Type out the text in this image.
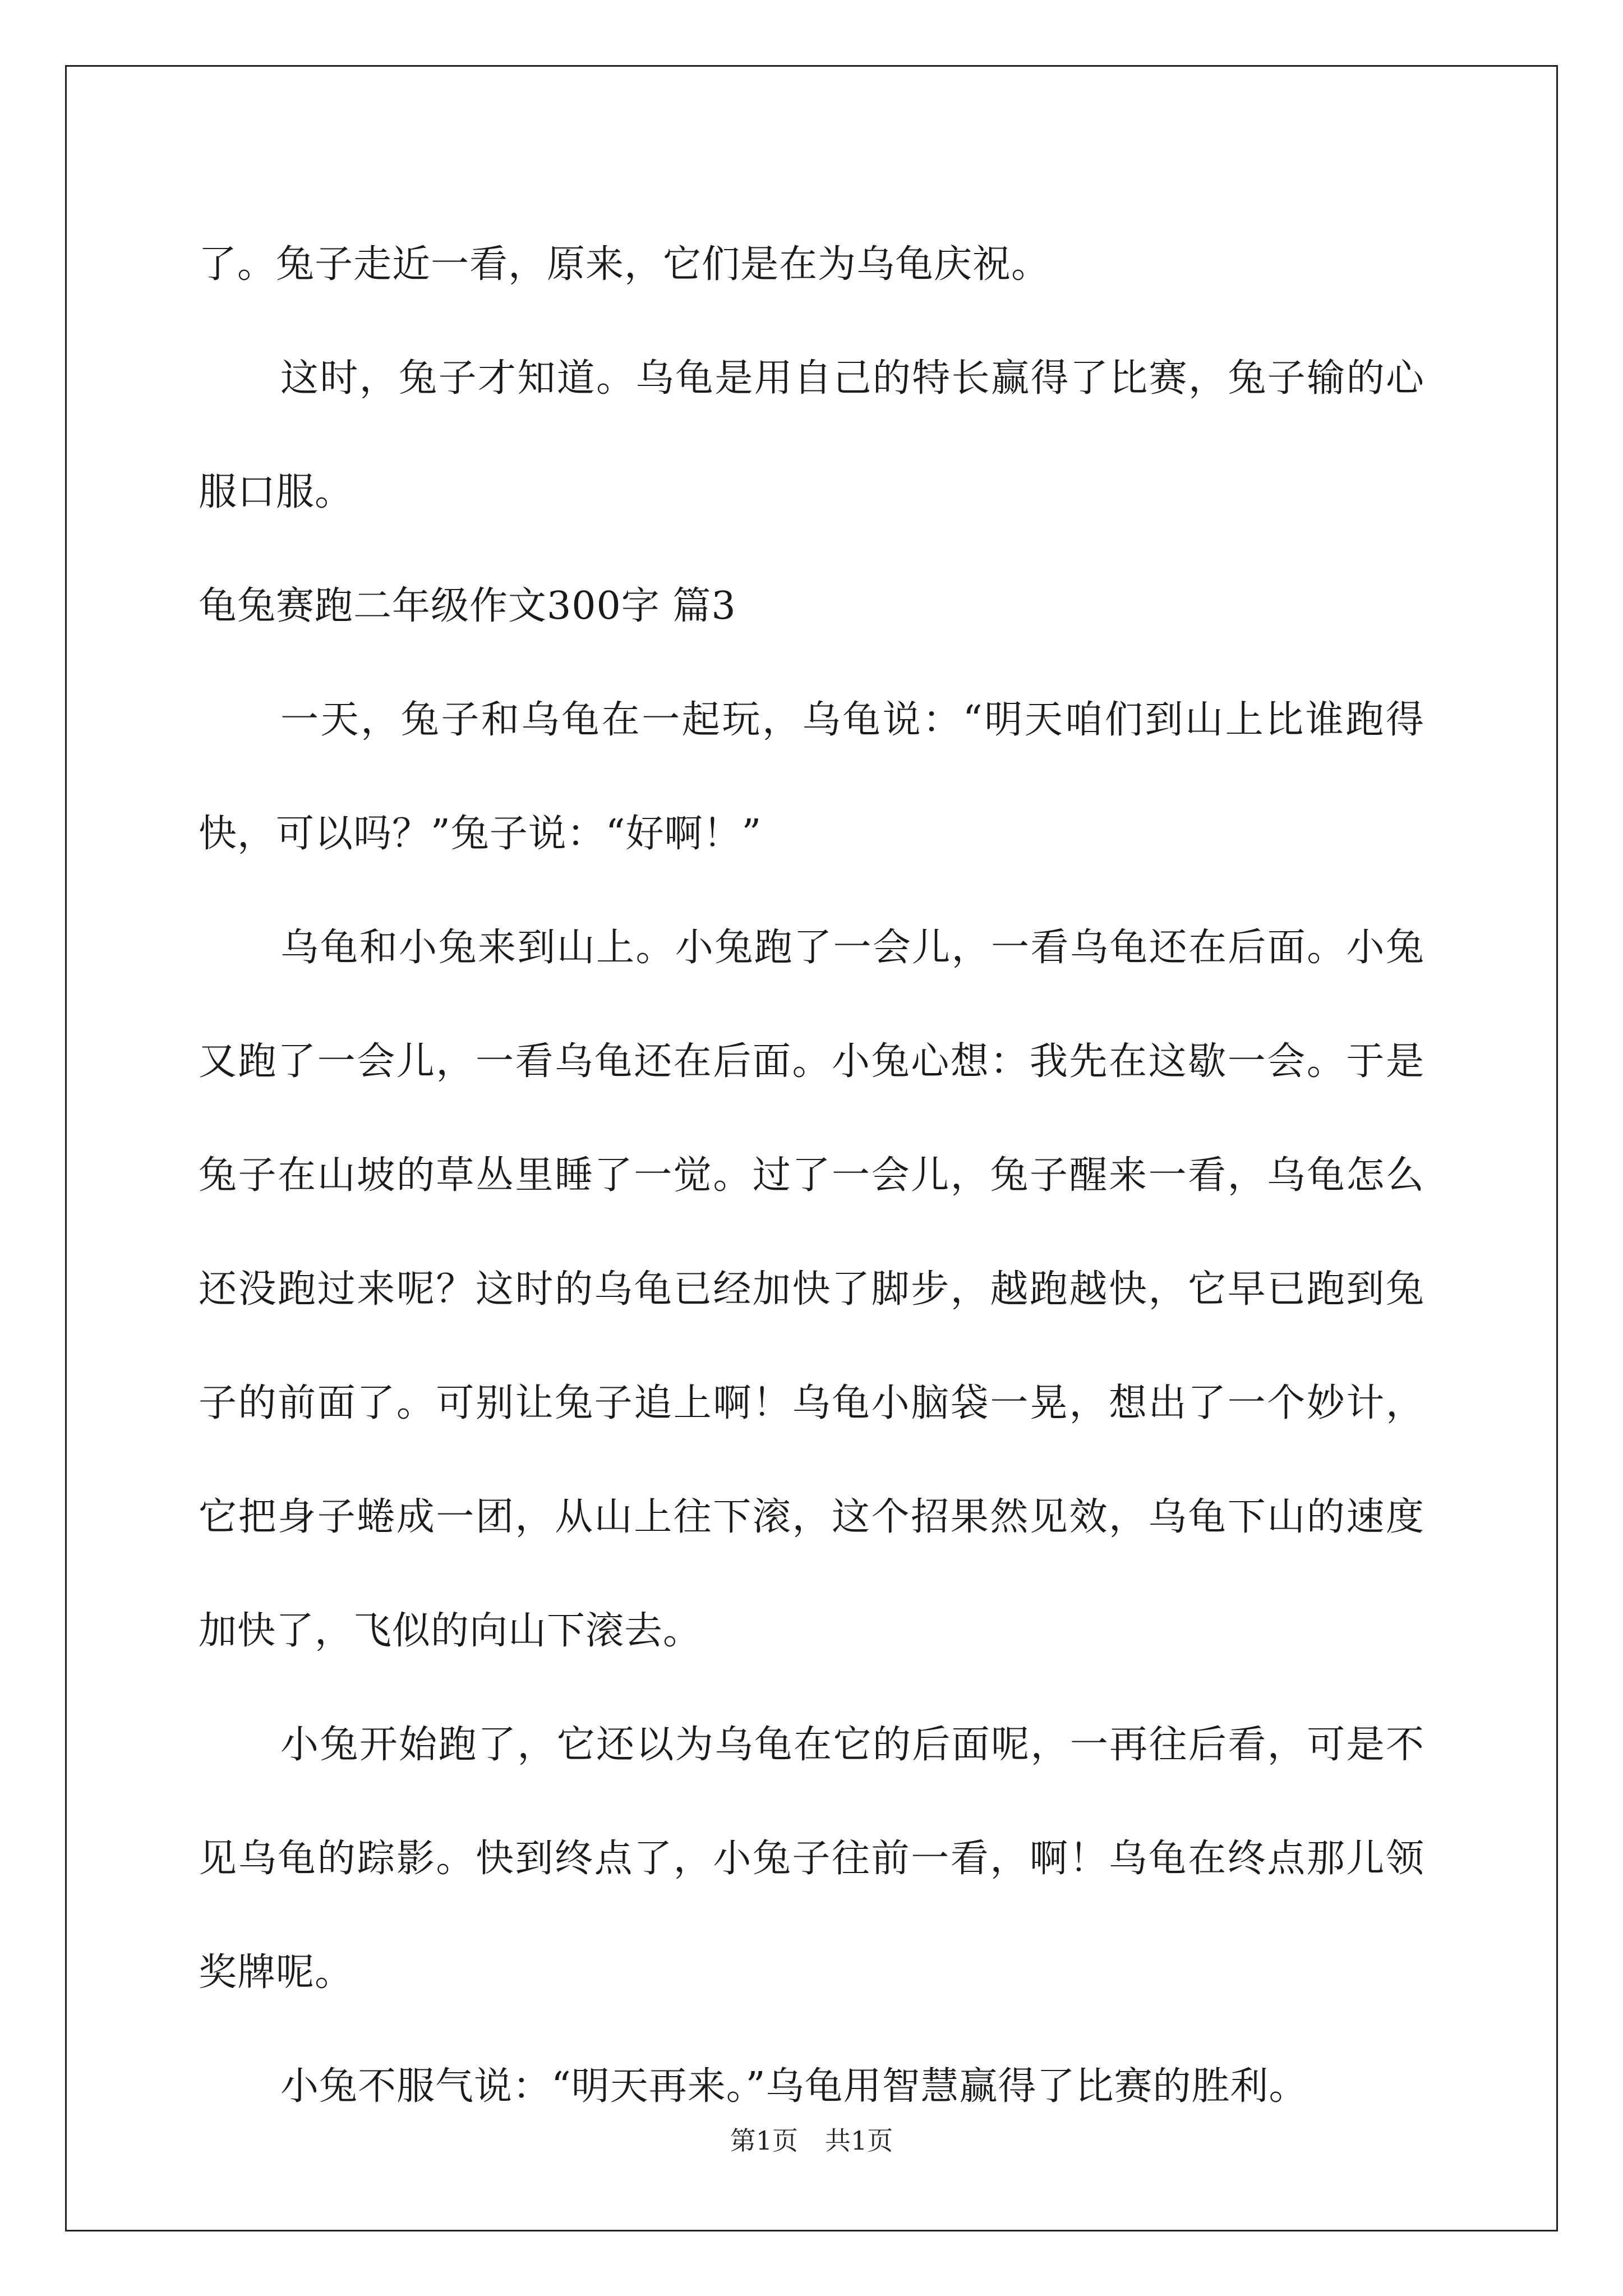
了。兔子走近一看，原来，它们是在为乌龟庆祝。

这时，兔子才知道。乌龟是用自己的特长赢得了比赛，兔子输的心服口服。

龟兔赛跑二年级作文300字 篇3

一天，兔子和乌龟在一起玩，乌龟说：“明天咱们到山上比谁跑得快，可以吗？”兔子说：“好啊！”

乌龟和小兔来到山上。小兔跑了一会儿，一看乌龟还在后面。小兔又跑了一会儿，一看乌龟还在后面。小兔心想：我先在这歇一会。于是兔子在山坡的草丛里睡了一觉。过了一会儿，兔子醒来一看，乌龟怎么还没跑过来呢？这时的乌龟已经加快了脚步，越跑越快，它早已跑到兔子的前面了。可别让兔子追上啊！乌龟小脑袋一晃，想出了一个妙计，它把身子蜷成一团，从山上往下滚，这个招果然见效，乌龟下山的速度加快了，飞似的向山下滚去。

小兔开始跑了，它还以为乌龟在它的后面呢，一再往后看，可是不见乌龟的踪影。快到终点了，小兔子往前一看，啊！乌龟在终点那儿领奖牌呢。

小兔不服气说：“明天再来。”乌龟用智慧赢得了比赛的胜利。

第1页 共1页
